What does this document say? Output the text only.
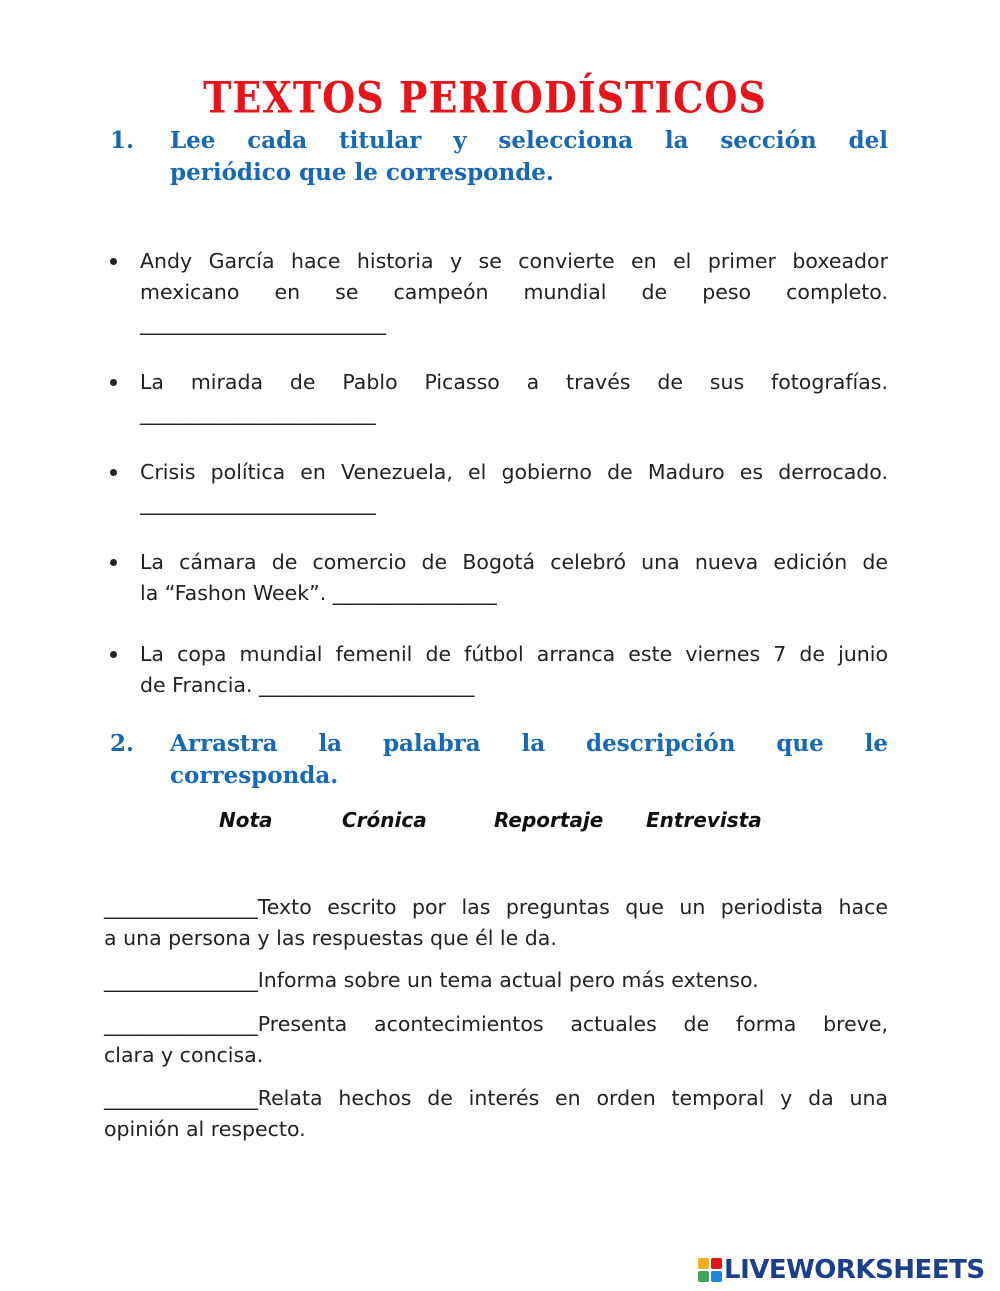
TEXTOS PERIODÍSTICOS
1. Lee cada titular y selecciona la sección del
periódico que le corresponde.
Andy García hace historia y se convierte en el primer boxeador
mexicano en se campeón mundial de peso completo.
________________________
La mirada de Pablo Picasso a través de sus fotografías.
_______________________
Crisis política en Venezuela, el gobierno de Maduro es derrocado.
_______________________
La cámara de comercio de Bogotá celebró una nueva edición de
la “Fashon Week”. ________________
La copa mundial femenil de fútbol arranca este viernes 7 de junio
de Francia. _____________________
2. Arrastra la palabra la descripción que le
corresponda.
Nota	Crónica	Reportaje Entrevista
_______________Texto escrito por las preguntas que un periodista hace
a una persona y las respuestas que él le da.
_______________Informa sobre un tema actual pero más extenso.
_______________Presenta acontecimientos actuales de forma breve,
clara y concisa.
_______________Relata hechos de interés en orden temporal y da una
opinión al respecto.
LIVEWORKSHEETS
